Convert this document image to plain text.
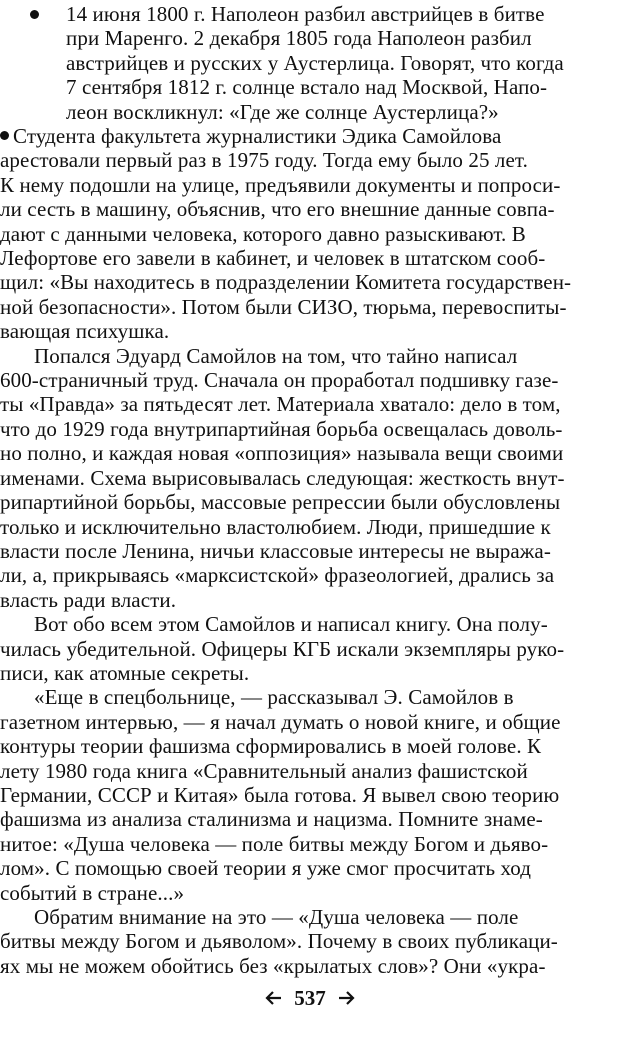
14 июня 1800 г. Наполеон разбил австрийцев в битве
при Маренго. 2 декабря 1805 года Наполеон разбил
австрийцев и русских у Аустерлица. Говорят, что когда
7 сентября 1812 г. солнце встало над Москвой, Напо-
леон воскликнул: «Где же солнце Аустерлица?»

Студента факультета журналистики Эдика Самойлова
арестовали первый раз в 1975 году. Тогда ему было 25 лет.
К нему подошли на улице, предъявили документы и попроси-
ли сесть в машину, объяснив, что его внешние данные совпа-
дают с данными человека, которого давно разыскивают. В
Лефортове его завели в кабинет, и человек в штатском сооб-
щил: «Вы находитесь в подразделении Комитета государствен-
ной безопасности». Потом были СИЗО, тюрьма, перевоспиты-
вающая психушка.

Попался Эдуард Самойлов на том, что тайно написал
600-страничный труд. Сначала он проработал подшивку газе-
ты «Правда» за пятьдесят лет. Материала хватало: дело в том,
что до 1929 года внутрипартийная борьба освещалась доволь-
но полно, и каждая новая «оппозиция» называла вещи своими
именами. Схема вырисовывалась следующая: жесткость внут-
рипартийной борьбы, массовые репрессии были обусловлены
только и исключительно властолюбием. Люди, пришедшие к
власти после Ленина, ничьи классовые интересы не выража-
ли, а, прикрываясь «марксистской» фразеологией, дрались за
власть ради власти.

Вот обо всем этом Самойлов и написал книгу. Она полу-
чилась убедительной. Офицеры КГБ искали экземпляры руко-
писи, как атомные секреты.

«Еще в спецбольнице, — рассказывал Э. Самойлов в
газетном интервью, — я начал думать о новой книге, и общие
контуры теории фашизма сформировались в моей голове. К
лету 1980 года книга «Сравнительный анализ фашистской
Германии, СССР и Китая» была готова. Я вывел свою теорию
фашизма из анализа сталинизма и нацизма. Помните знаме-
нитое: «Душа человека — поле битвы между Богом и дьяво-
лом». С помощью своей теории я уже смог просчитать ход
событий в стране...»

Обратим внимание на это — «Душа человека — поле
битвы между Богом и дьяволом». Почему в своих публикаци-
ях мы не можем обойтись без «крылатых слов»? Они «укра-

537
